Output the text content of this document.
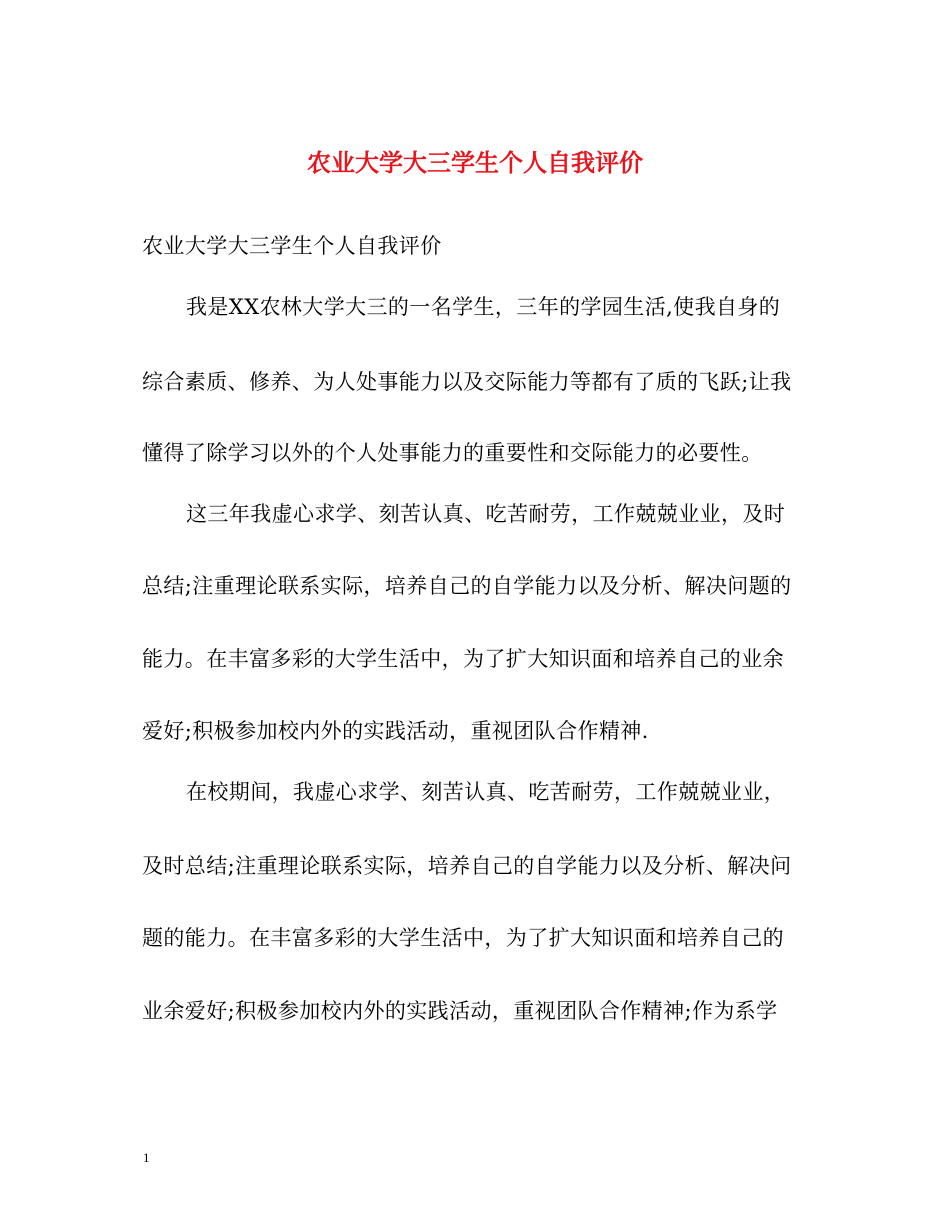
农业大学大三学生个人自我评价
农业大学大三学生个人自我评价
我是XX农林大学大三的一名学生，三年的学园生活,使我自身的
综合素质、修养、为人处事能力以及交际能力等都有了质的飞跃;让我
懂得了除学习以外的个人处事能力的重要性和交际能力的必要性。
这三年我虚心求学、刻苦认真、吃苦耐劳，工作兢兢业业，及时
总结;注重理论联系实际，培养自己的自学能力以及分析、解决问题的
能力。在丰富多彩的大学生活中，为了扩大知识面和培养自己的业余
爱好;积极参加校内外的实践活动，重视团队合作精神.
在校期间，我虚心求学、刻苦认真、吃苦耐劳，工作兢兢业业，
及时总结;注重理论联系实际，培养自己的自学能力以及分析、解决问
题的能力。在丰富多彩的大学生活中，为了扩大知识面和培养自己的
业余爱好;积极参加校内外的实践活动，重视团队合作精神;作为系学
1
